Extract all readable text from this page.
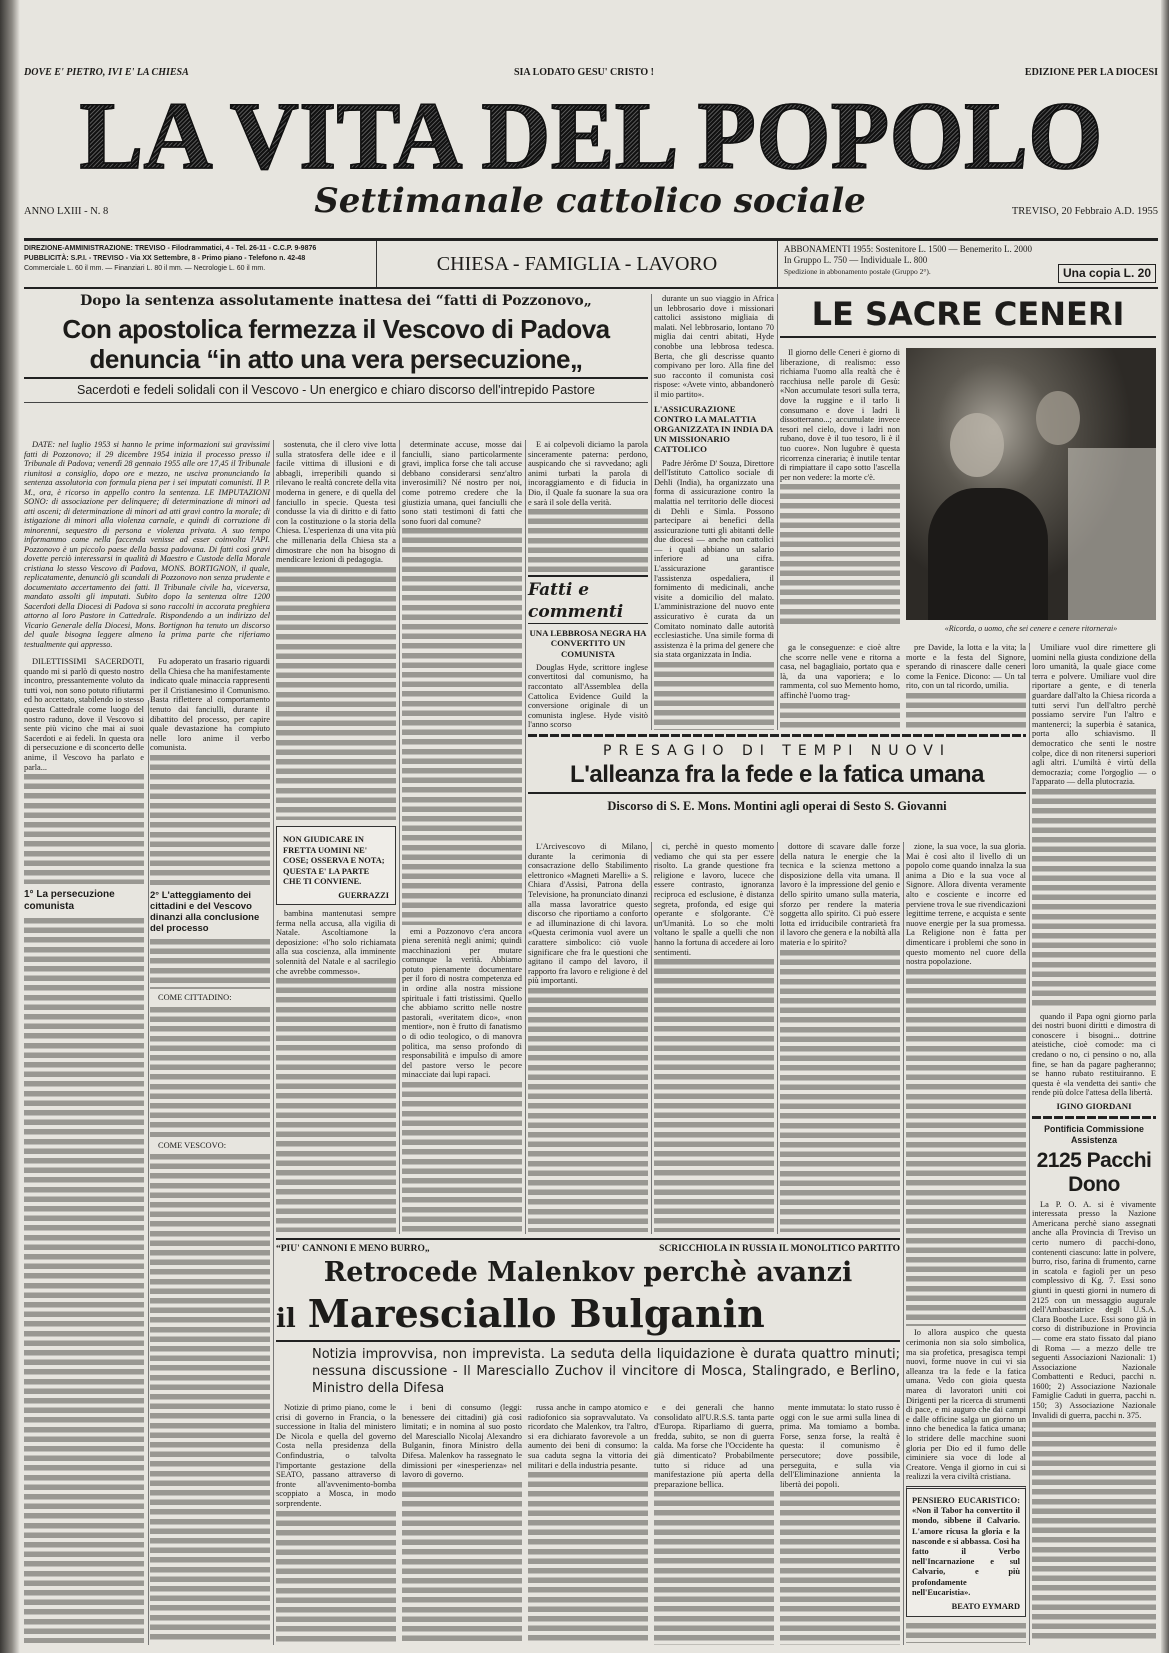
DOVE E' PIETRO, IVI E' LA CHIESA	SIA LODATO GESU' CRISTO !	EDIZIONE PER LA DIOCESI
LA VITA DEL POPOLO
ANNO LXIII - N. 8	Settimanale cattolico sociale	TREVISO, 20 Febbraio A.D. 1955
DIREZIONE-AMMINISTRAZIONE: TREVISO - Filodrammatici, 4 - Tel. 26-11 - C.C.P. 9-9876
PUBBLICITÀ: S.P.I. - TREVISO - Via XX Settembre, 8 - Primo piano - Telefono n. 42-48
Commerciale L. 60 il mm. — Finanziari L. 80 il mm. — Necrologie L. 60 il mm.	CHIESA - FAMIGLIA - LAVORO
ABBONAMENTI 1955: Sostenitore L. 1500 — Benemerito L. 2000
In Gruppo L. 750 — Individuale L. 800
Spedizione in abbonamento postale (Gruppo 2°).	Una copia L. 20
Dopo la sentenza assolutamente inattesa dei “fatti di Pozzonovo„
Con apostolica fermezza il Vescovo di Padova
denuncia “in atto una vera persecuzione„
Sacerdoti e fedeli solidali con il Vescovo - Un energico e chiaro discorso dell'intrepido Pastore

DATE: nel luglio 1953 si hanno le prime informazioni sui gravissimi fatti di Pozzonovo; il 29 dicembre 1954 inizia il processo presso il Tribunale di Padova; venerdì 28 gennaio 1955 alle ore 17,45 il Tribunale riunitosi a consiglio, dopo ore e mezzo, ne usciva pronunciando la sentenza assolutoria con formula piena per i sei imputati comunisti. Il P. M., ora, è ricorso in appello contro la sentenza. LE IMPUTAZIONI SONO: di associazione per delinquere; di determinazione di minori ad atti osceni; di determinazione di minori ad atti gravi contro la morale; di istigazione di minori alla violenza carnale, e quindi di corruzione di minorenni, sequestro di persona e violenza privata. A suo tempo informammo come nella faccenda venisse ad esser coinvolta l'API. Pozzonovo è un piccolo paese della bassa padovana. Di fatti così gravi dovette perciò interessarsi in qualità di Maestro e Custode della Morale cristiana lo stesso Vescovo di Padova, MONS. BORTIGNON, il quale, replicatamente, denunciò gli scandali di Pozzonovo non senza prudente e documentato accertamento dei fatti. Il Tribunale civile ha, viceversa, mandato assolti gli imputati. Subito dopo la sentenza oltre 1200 Sacerdoti della Diocesi di Padova si sono raccolti in accorata preghiera attorno al loro Pastore in Cattedrale. Rispondendo a un indirizzo del Vicario Generale della Diocesi, Mons. Bortignon ha tenuto un discorso del quale bisogna leggere almeno la prima parte che riferiamo testualmente qui appresso.

DILETTISSIMI SACERDOTI, quando mi si parlò di questo nostro incontro, pressantemente voluto da tutti voi, non sono potuto rifiutarmi ed ho accettato, stabilendo io stesso questa Cattedrale come luogo del nostro raduno, dove il Vescovo si sente più vicino che mai ai suoi Sacerdoti e ai fedeli. In questa ora di persecuzione e di sconcerto delle anime, il Vescovo ha parlato e parla...

1° La persecuzione comunista

Fu adoperato un frasario riguardi della Chiesa che ha manifestamente indicato quale minaccia rappresenti per il Cristianesimo il Comunismo. Basta riflettere al comportamento tenuto dai fanciulli, durante il dibattito del processo, per capire quale devastazione ha compiuto nelle loro anime il verbo comunista.

2° L'atteggiamento dei cittadini e del Vescovo dinanzi alla conclusione del processo
COME CITTADINO:
COME VESCOVO:

sostenuta, che il clero vive lotta sulla stratosfera delle idee e il facile vittima di illusioni e di abbagli, irreperibili quando si rilevano le realtà concrete della vita moderna in genere, e di quella del fanciullo in specie. Questa tesi condusse la via di diritto e di fatto con la costituzione o la storia della Chiesa. L'esperienza di una vita più che millenaria della Chiesa sta a dimostrare che non ha bisogno di mendicare lezioni di pedagogia.

NON GIUDICARE IN FRETTA UOMINI NE' COSE; OSSERVA E NOTA; QUESTA E' LA PARTE CHE TI CONVIENE.
GUERRAZZI

bambina mantenutasi sempre ferma nella accusa, alla vigilia di Natale. Ascoltiamone la deposizione: «l'ho solo richiamata alla sua coscienza, alla imminente solennità del Natale e al sacrilegio che avrebbe commesso».

determinate accuse, mosse dai fanciulli, siano particolarmente gravi, implica forse che tali accuse debbano considerarsi senz'altro inverosimili? Né nostro per noi, come potremo credere che la giustizia umana, quei fanciulli che sono stati testimoni di fatti che sono fuori dal comune?

emi a Pozzonovo c'era ancora piena serenità negli animi; quindi macchinazioni per mutare comunque la verità. Abbiamo potuto pienamente documentare per il foro di nostra competenza ed in ordine alla nostra missione spirituale i fatti tristissimi. Quello che abbiamo scritto nelle nostre pastorali, «veritatem dico», «non mentior», non è frutto di fanatismo o di odio teologico, o di manovra politica, ma senso profondo di responsabilità e impulso di amore del pastore verso le pecore minacciate dai lupi rapaci.

E ai colpevoli diciamo la parola sinceramente paterna: perdono, auspicando che si ravvedano; agli animi turbati la parola di incoraggiamento e di fiducia in Dio, il Quale fa suonare la sua ora e sarà il sole della verità.

Fatti e commenti
UNA LEBBROSA NEGRA HA CONVERTITO UN COMUNISTA

Douglas Hyde, scrittore inglese convertitosi dal comunismo, ha raccontato all'Assemblea della Cattolica Evidence Guild la conversione originale di un comunista inglese. Hyde visitò l'anno scorso

durante un suo viaggio in Africa un lebbrosario dove i missionari cattolici assistono migliaia di malati. Nel lebbrosario, lontano 70 miglia dai centri abitati, Hyde conobbe una lebbrosa tedesca. Berta, che gli descrisse quanto compivano per loro. Alla fine del suo racconto il comunista così rispose: «Avete vinto, abbandonerò il mio partito».

L'ASSICURAZIONE CONTRO LA MALATTIA ORGANIZZATA IN INDIA DA UN MISSIONARIO CATTOLICO

Padre Jérôme D' Souza, Direttore dell'Istituto Cattolico sociale di Dehli (India), ha organizzato una forma di assicurazione contro la malattia nel territorio delle diocesi di Dehli e Simla. Possono partecipare ai benefici della assicurazione tutti gli abitanti delle due diocesi — anche non cattolici — i quali abbiano un salario inferiore ad una cifra. L'assicurazione garantisce l'assistenza ospedaliera, il fornimento di medicinali, anche visite a domicilio del malato. L'amministrazione del nuovo ente assicurativo è curata da un Comitato nominato dalle autorità ecclesiastiche. Una simile forma di assistenza è la prima del genere che sia stata organizzata in India.

LE SACRE CENERI

Il giorno delle Ceneri è giorno di liberazione, di realismo: esso richiama l'uomo alla realtà che è racchiusa nelle parole di Gesù: «Non accumulate tesori sulla terra, dove la ruggine e il tarlo li consumano e dove i ladri li dissotterrano...; accumulate invece tesori nel cielo, dove i ladri non rubano, dove è il tuo tesoro, lì è il tuo cuore». Non lugubre è questa ricorrenza cineraria; è inutile tentar di rimpiattare il capo sotto l'ascella per non vedere: la morte c'è.

«Ricorda, o uomo, che sei cenere e cenere ritornerai»

ga le conseguenze: e cioè altre che scorre nelle vene e ritorna a casa, nel bagagliaio, portato qua e là, da una vaporiera; e lo rammenta, col suo Memento homo, affinchè l'uomo trag-

pre Davide, la lotta e la vita; la morte e la festa del Signore, sperando di rinascere dalle ceneri come la Fenice. Dicono: — Un tal rito, con un tal ricordo, umilia.

Umiliare vuol dire rimettere gli uomini nella giusta condizione della loro umanità, la quale giace come terra e polvere. Umiliare vuol dire riportare a gente, e di tenerla guardare dall'alto la Chiesa ricorda a tutti servi l'un dell'altro perchè possiamo servire l'un l'altro e mantenerci; la superbia è satanica, porta allo schiavismo. Il democratico che senti le nostre colpe, dice di non ritenersi superiori agli altri. L'umiltà è virtù della democrazia; come l'orgoglio — o l'apparato — della plutocrazia.

quando il Papa ogni giorno parla dei nostri buoni diritti e dimostra di conoscere i bisogni... dottrine ateistiche, cioè comode: ma ci credano o no, ci pensino o no, alla fine, se han da pagare pagheranno; se hanno rubato restituiranno. E questa è «la vendetta dei santi» che rende più dolce l'attesa della libertà.

IGINO GIORDANI
Pontificia Commissione Assistenza
2125 Pacchi Dono

La P. O. A. si è vivamente interessata presso la Nazione Americana perchè siano assegnati anche alla Provincia di Treviso un certo numero di pacchi-dono, contenenti ciascuno: latte in polvere, burro, riso, farina di frumento, carne in scatola e fagioli per un peso complessivo di Kg. 7. Essi sono giunti in questi giorni in numero di 2125 con un messaggio augurale dell'Ambasciatrice degli U.S.A. Clara Boothe Luce. Essi sono già in corso di distribuzione in Provincia — come era stato fissato dal piano di Roma — a mezzo delle tre seguenti Associazioni Nazionali: 1) Associazione Nazionale Combattenti e Reduci, pacchi n. 1600; 2) Associazione Nazionale Famiglie Caduti in guerra, pacchi n. 150; 3) Associazione Nazionale Invalidi di guerra, pacchi n. 375.

PRESAGIO DI TEMPI NUOVI
L'alleanza fra la fede e la fatica umana
Discorso di S. E. Mons. Montini agli operai di Sesto S. Giovanni

L'Arcivescovo di Milano, durante la cerimonia di consacrazione dello Stabilimento elettronico «Magneti Marelli» a S. Chiara d'Assisi, Patrona della Televisione, ha pronunciato dinanzi alla massa lavoratrice questo discorso che riportiamo a conforto e ad illuminazione di chi lavora. «Questa cerimonia vuol avere un carattere simbolico: ciò vuole significare che fra le questioni che agitano il campo del lavoro, il rapporto fra lavoro e religione è del più importanti.

ci, perchè in questo momento vediamo che qui sta per essere risolto. La grande questione fra religione e lavoro, lucece che essere contrasto, ignoranza reciproca ed esclusione, è distanza segreta, profonda, ed esige qui operante e sfolgorante. C'è un'Umanità. Lo so che molti voltano le spalle a quelli che non hanno la fortuna di accedere ai loro sentimenti.

dottore di scavare dalle forze della natura le energie che la tecnica e la scienza mettono a disposizione della vita umana. Il lavoro è la impressione del genio e dello spirito umano sulla materia, sforzo per rendere la materia soggetta allo spirito. Ci può essere lotta ed irriducibile contrarietà fra il lavoro che genera e la nobiltà alla materia e lo spirito?

zione, la sua voce, la sua gloria. Mai è così alto il livello di un popolo come quando innalza la sua anima a Dio e la sua voce al Signore. Allora diventa veramente alto e cosciente e incorre ed perviene trova le sue rivendicazioni legittime terrene, e acquista e sente nuove energie per la sua promessa. La Religione non è fatta per dimenticare i problemi che sono in questo momento nel cuore della nostra popolazione.

Io allora auspico che questa cerimonia non sia solo simbolica, ma sia profetica, presagisca tempi nuovi, forme nuove in cui vi sia alleanza tra la fede e la fatica umana. Vedo con gioia questa marea di lavoratori uniti coi Dirigenti per la ricerca di strumenti di pace, e mi auguro che dai campi e dalle officine salga un giorno un inno che benedica la fatica umana; lo stridere delle macchine suoni gloria per Dio ed il fumo delle ciminiere sia voce di lode al Creatore. Venga il giorno in cui si realizzi la vera civiltà cristiana.

PENSIERO EUCARISTICO: «Non il Tabor ha convertito il mondo, sibbene il Calvario. L'amore ricusa la gloria e la nasconde e si abbassa. Così ha fatto il Verbo nell'Incarnazione e sul Calvario, e più profondamente nell'Eucaristia».
BEATO EYMARD
“PIU' CANNONI E MENO BURRO„	SCRICCHIOLA IN RUSSIA IL MONOLITICO PARTITO
Retrocede Malenkov perchè avanzi
il Maresciallo Bulganin
Notizia improvvisa, non imprevista. La seduta della liquidazione è durata quattro minuti; nessuna discussione - Il Maresciallo Zuchov il vincitore di Mosca, Stalingrado, e Berlino, Ministro della Difesa

Notizie di primo piano, come le crisi di governo in Francia, o la successione in Italia del ministero De Nicola e quella del governo Costa nella presidenza della Confindustria, o talvolta l'importante gestazione della SEATO, passano attraverso di fronte all'avvenimento-bomba scoppiato a Mosca, in modo sorprendente.

i beni di consumo (leggi: benessere dei cittadini) già così limitati; e in nomina al suo posto del Maresciallo Nicolaj Alexandro Bulganin, finora Ministro della Difesa. Malenkov ha rassegnato le dimissioni per «inesperienza» nel lavoro di governo.

russa anche in campo atomico e radiofonico sia sopravvalutato. Va ricordato che Malenkov, tra l'altro, si era dichiarato favorevole a un aumento dei beni di consumo: la sua caduta segna la vittoria dei militari e della industria pesante.

e dei generali che hanno consolidato all'U.R.S.S. tanta parte d'Europa. Riparliamo di guerra, fredda, subito, se non di guerra calda. Ma forse che l'Occidente ha già dimenticato? Probabilmente tutto si riduce ad una manifestazione più aperta della preparazione bellica.

mente immutata: lo stato russo è oggi con le sue armi sulla linea di prima. Ma tomiamo a bomba. Forse, senza forse, la realtà è questa: il comunismo è persecutore; dove possibile, perseguita, e sulla via dell'Eliminazione annienta la libertà dei popoli.
